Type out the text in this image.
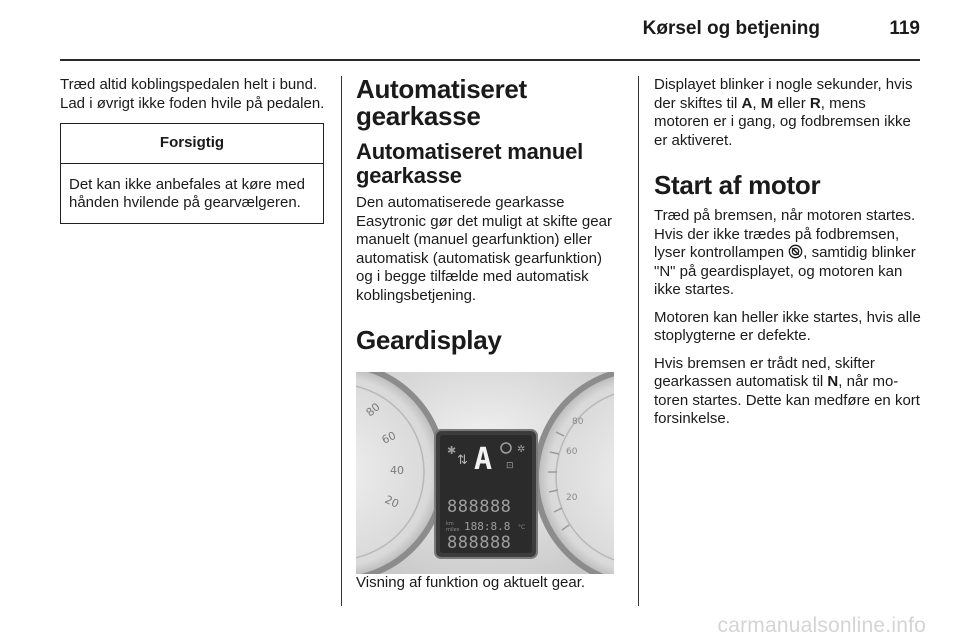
Kørsel og betjening	119

Træd altid koblingspedalen helt i bund. Lad i øvrigt ikke foden hvile på pedalen.

Forsigtig
Det kan ikke anbefales at køre med hånden hvilende på gearvælgeren.
Automatiseret gearkasse
Automatiseret manuel gearkasse

Den automatiserede gearkasse Easytronic gør det muligt at skifte gear manuelt (manuel gearfunktion) eller automatisk (automatisk gearfunktion) og i begge tilfælde med automatisk koblingsbetjening.

Geardisplay
80
60
40
20
80
60
20
✱
⇅ A ✲
⊡
888888
km
miles 188:8.8 °C
888888

Visning af funktion og aktuelt gear.

Displayet blinker i nogle sekunder, hvis der skiftes til A, M eller R, mens motoren er i gang, og fodbremsen ikke er aktiveret.

Start af motor

Træd på bremsen, når motoren startes. Hvis der ikke trædes på fodbremsen, lyser kontrollampen , samtidig blinker "N" på geardisplayet, og motoren kan ikke startes.

Motoren kan heller ikke startes, hvis alle stoplygterne er defekte.

Hvis bremsen er trådt ned, skifter gearkassen automatisk til N, når motoren startes. Dette kan medføre en kort forsinkelse.

carmanualsonline.info
